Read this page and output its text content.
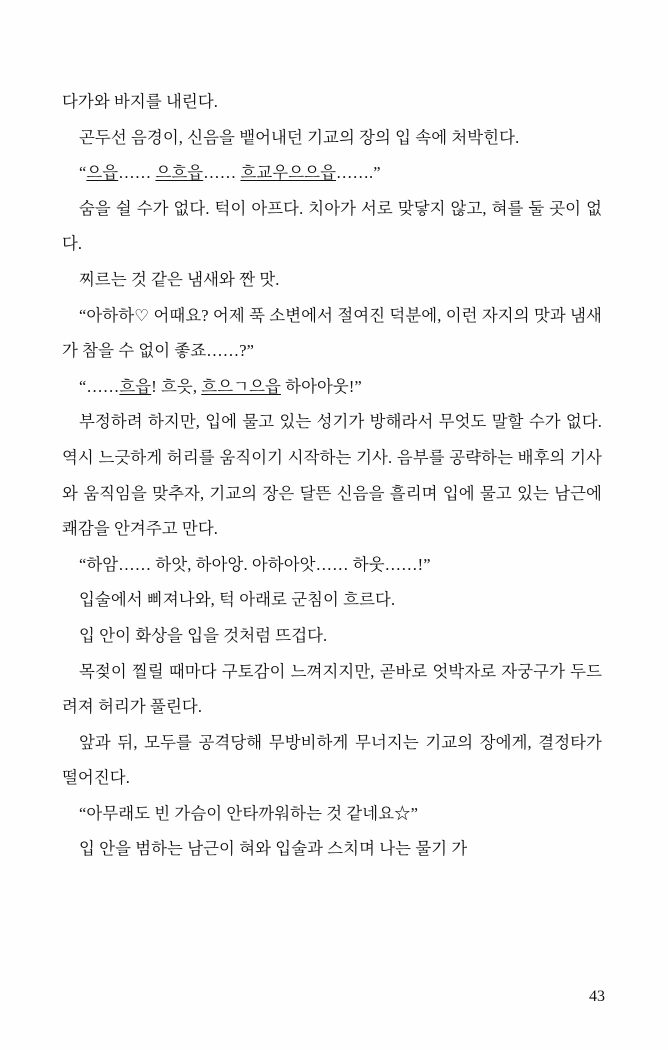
다가와 바지를 내린다.

곤두선 음경이, 신음을 뱉어내던 기교의 장의 입 속에 처박힌다.

“으읍…… 으흐읍…… 흐교우으으읍…….”

숨을 쉴 수가 없다. 턱이 아프다. 치아가 서로 맞닿지 않고, 혀를 둘 곳이 없다.

찌르는 것 같은 냄새와 짠 맛.

“아하하♡ 어때요? 어제 푹 소변에서 절여진 덕분에, 이런 자지의 맛과 냄새가 참을 수 없이 좋죠……?”

“……흐읍! 흐읏, 흐으ㄱ으읍 하아아웃!”

부정하려 하지만, 입에 물고 있는 성기가 방해라서 무엇도 말할 수가 없다. 역시 느긋하게 허리를 움직이기 시작하는 기사. 음부를 공략하는 배후의 기사와 움직임을 맞추자, 기교의 장은 달뜬 신음을 흘리며 입에 물고 있는 남근에 쾌감을 안겨주고 만다.

“하암…… 하앗, 하아앙. 아하아앗…… 하웃……!”

입술에서 삐져나와, 턱 아래로 군침이 흐르다.

입 안이 화상을 입을 것처럼 뜨겁다.

목젖이 찔릴 때마다 구토감이 느껴지지만, 곧바로 엇박자로 자궁구가 두드려져 허리가 풀린다.

앞과 뒤, 모두를 공격당해 무방비하게 무너지는 기교의 장에게, 결정타가 떨어진다.

“아무래도 빈 가슴이 안타까워하는 것 같네요☆”

입 안을 범하는 남근이 혀와 입술과 스치며 나는 물기 가

43
